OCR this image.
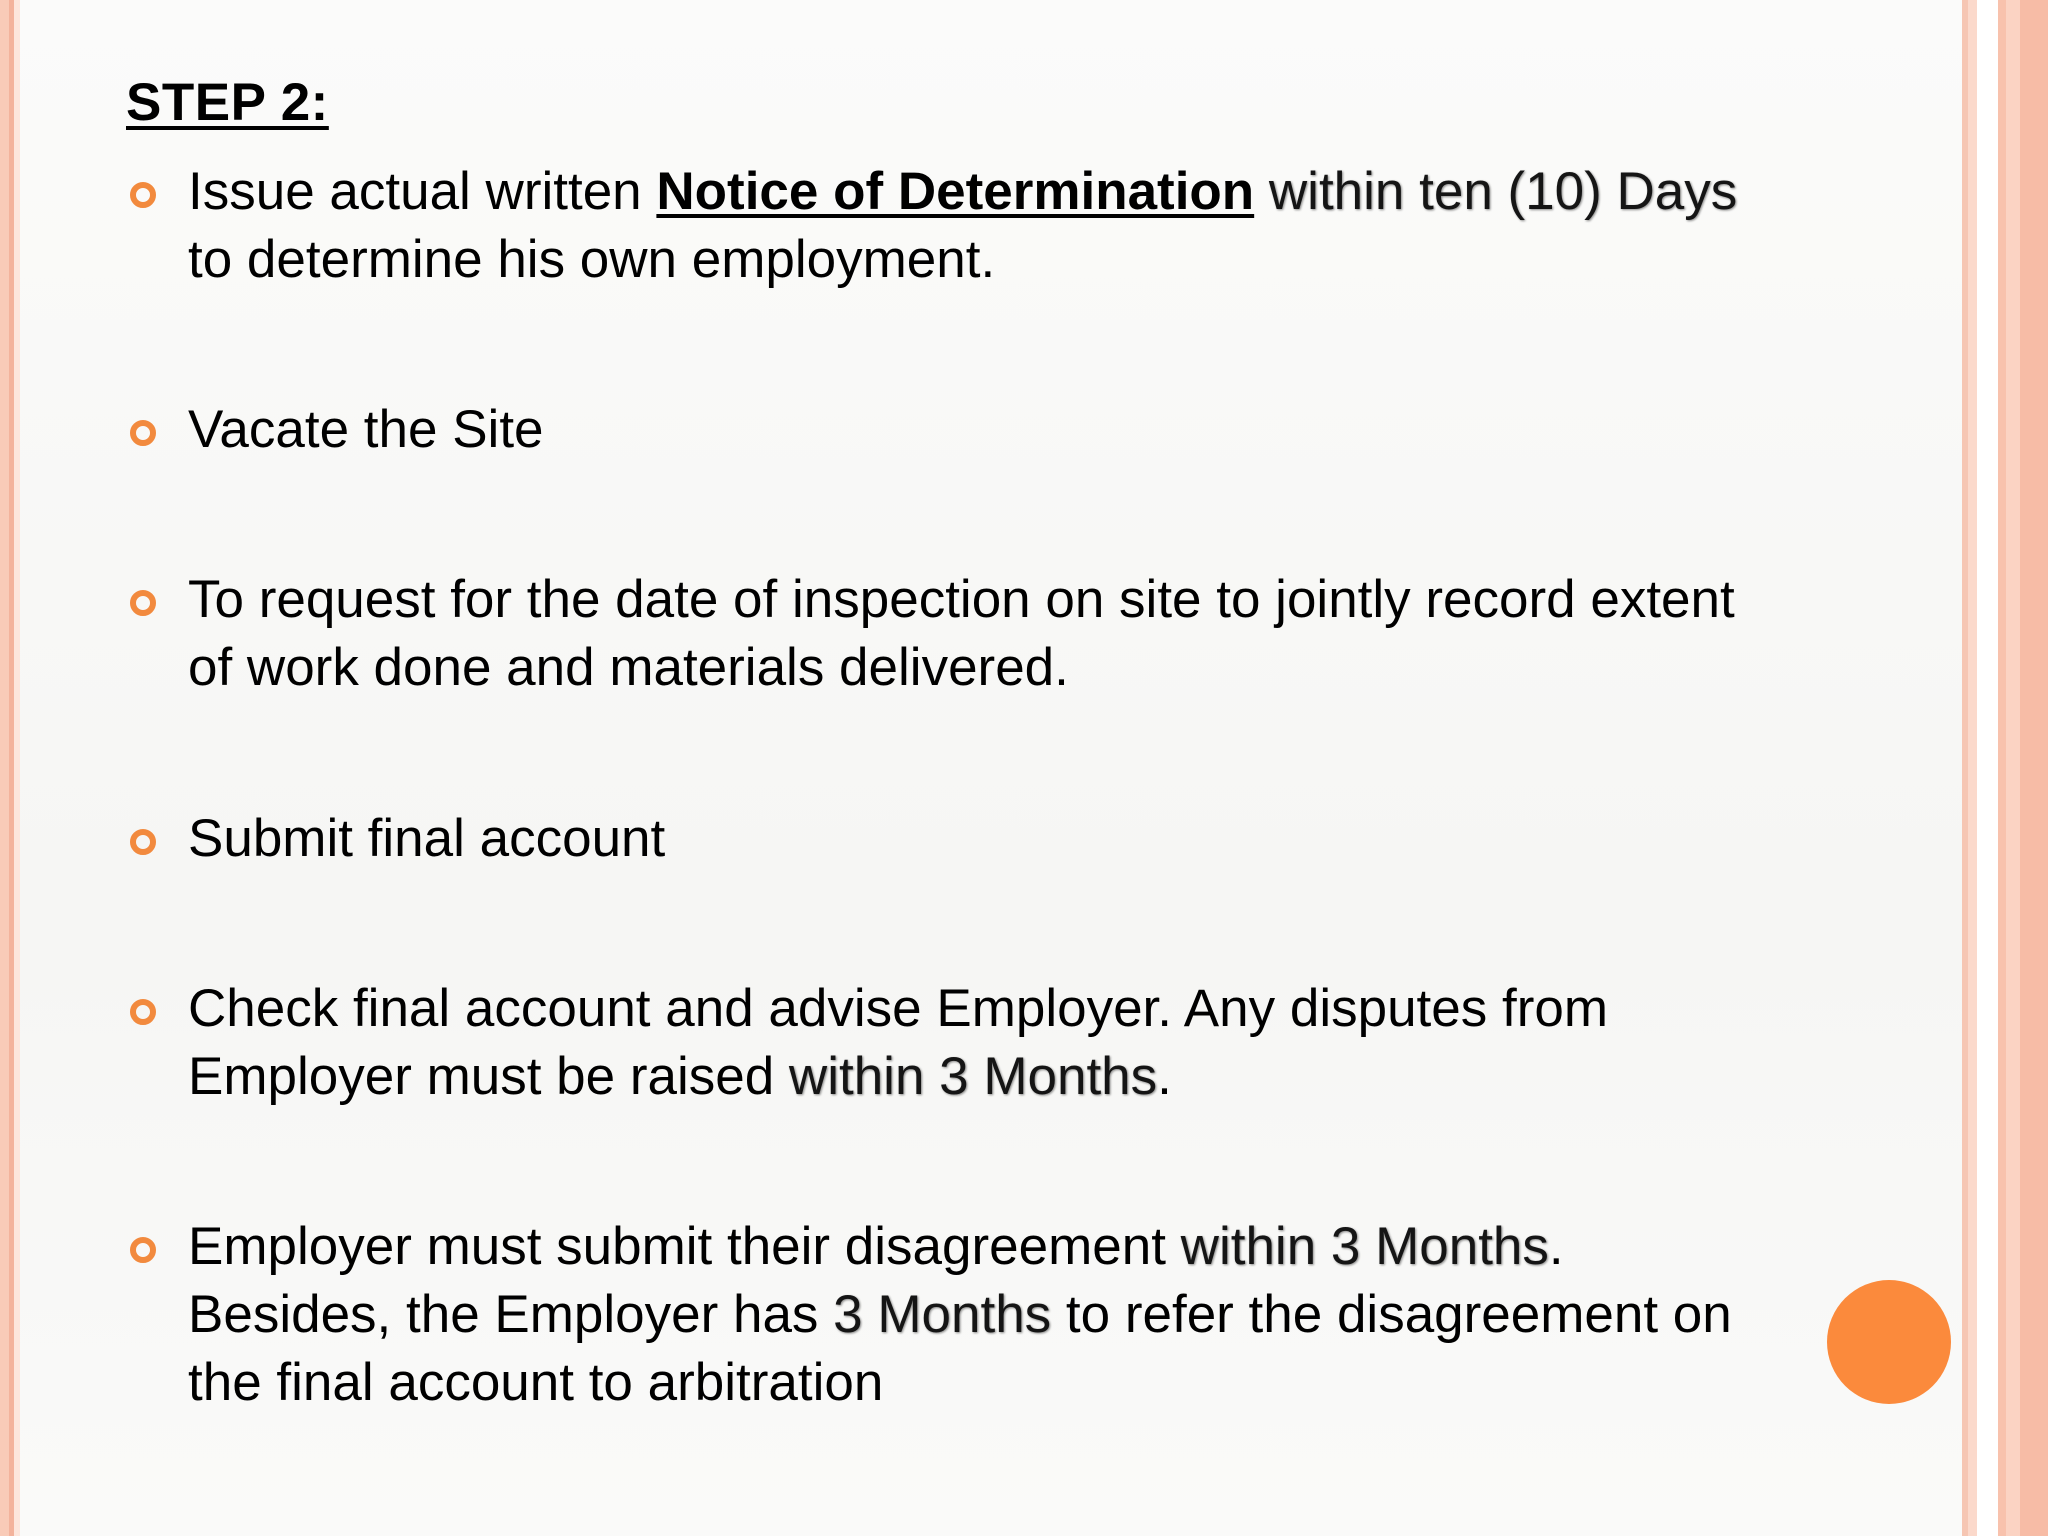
STEP 2:
Issue actual written Notice of Determination within ten (10) Days to determine his own employment.
Vacate the Site
To request for the date of inspection on site to jointly record extent of work done and materials delivered.
Submit final account
Check final account and advise Employer. Any disputes from Employer must be raised within 3 Months.
Employer must submit their disagreement within 3 Months. Besides, the Employer has 3 Months to refer the disagreement on the final account to arbitration
